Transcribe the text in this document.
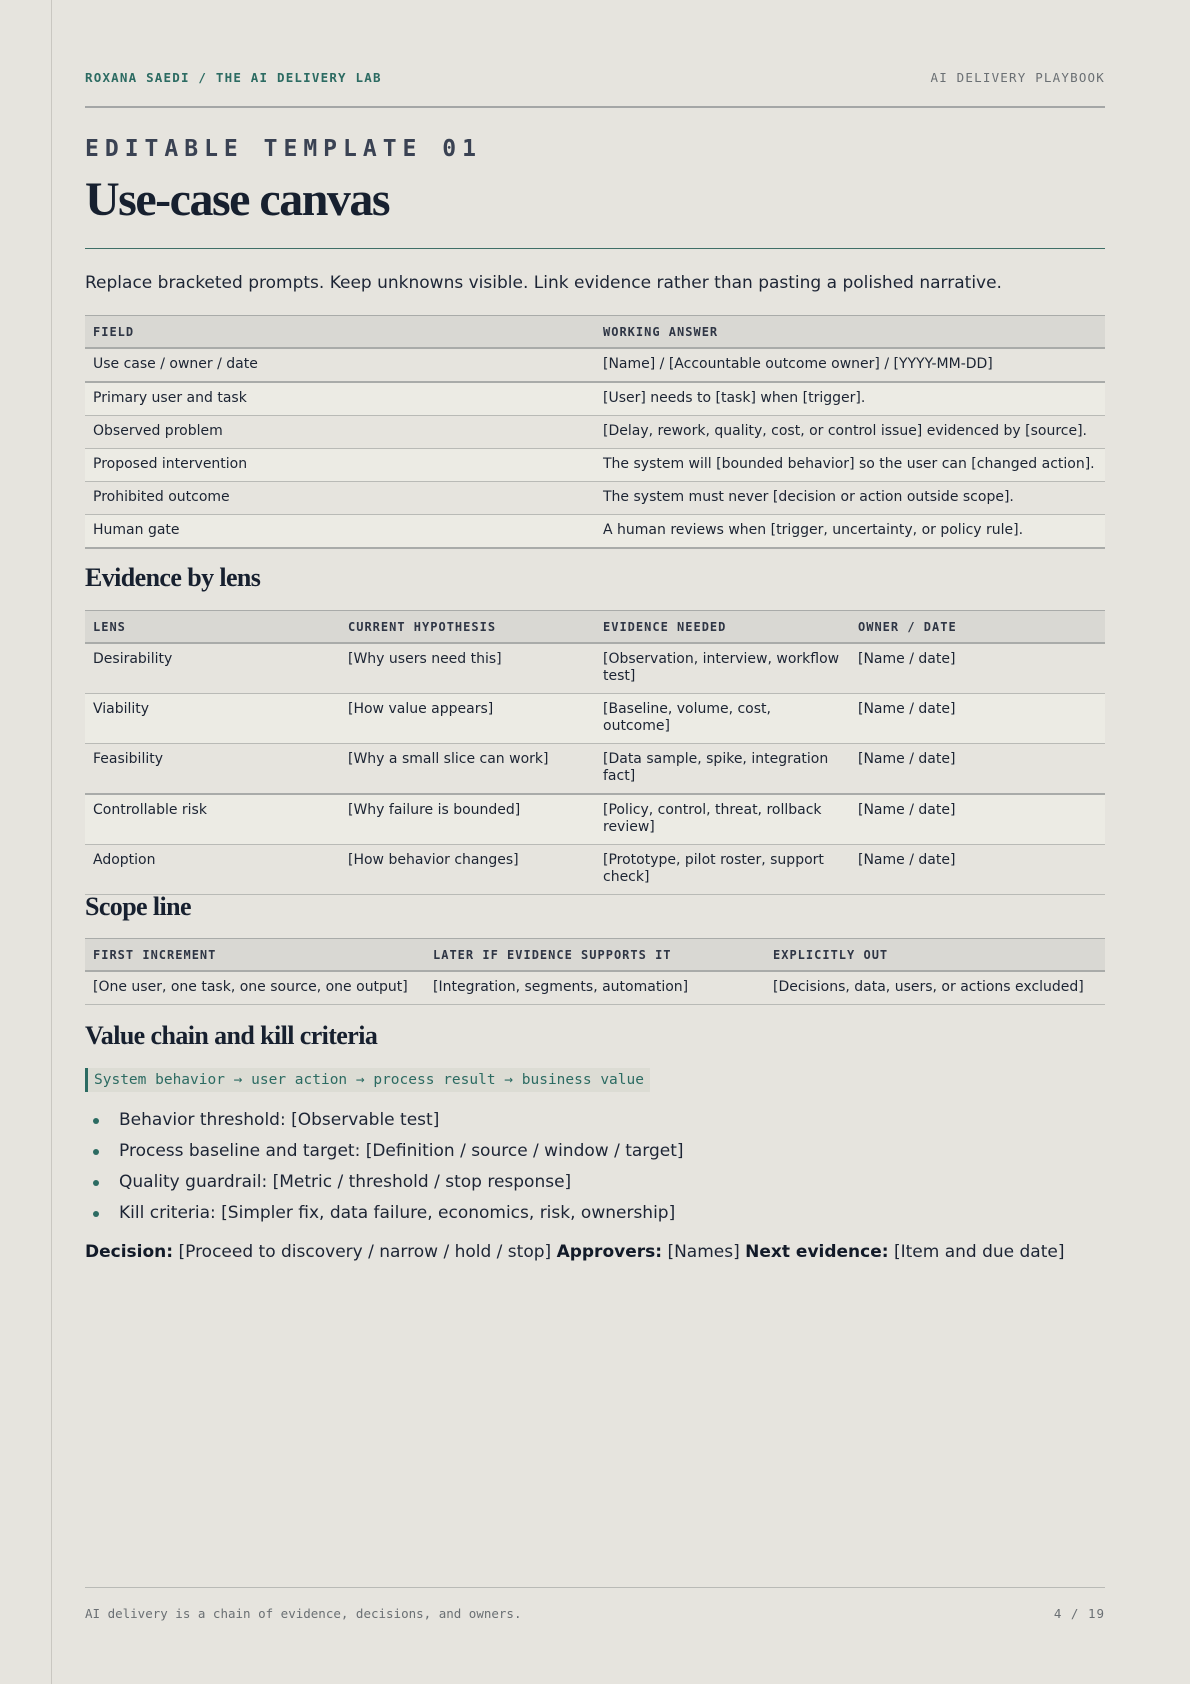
ROXANA SAEDI / THE AI DELIVERY LAB	AI DELIVERY PLAYBOOK
EDITABLE TEMPLATE 01
Use-case canvas
Replace bracketed prompts. Keep unknowns visible. Link evidence rather than pasting a polished narrative.
FIELD	WORKING ANSWER
Use case / owner / date	[Name] / [Accountable outcome owner] / [YYYY-MM-DD]
Primary user and task	[User] needs to [task] when [trigger].
Observed problem	[Delay, rework, quality, cost, or control issue] evidenced by [source].
Proposed intervention	The system will [bounded behavior] so the user can [changed action].
Prohibited outcome	The system must never [decision or action outside scope].
Human gate	A human reviews when [trigger, uncertainty, or policy rule].
Evidence by lens
LENS	CURRENT HYPOTHESIS	EVIDENCE NEEDED	OWNER / DATE
Desirability	[Why users need this]	[Observation, interview, workflow test]	[Name / date]
Viability	[How value appears]	[Baseline, volume, cost, outcome]	[Name / date]
Feasibility	[Why a small slice can work]	[Data sample, spike, integration fact]	[Name / date]
Controllable risk	[Why failure is bounded]	[Policy, control, threat, rollback review]	[Name / date]
Adoption	[How behavior changes]	[Prototype, pilot roster, support check]	[Name / date]
Scope line
FIRST INCREMENT	LATER IF EVIDENCE SUPPORTS IT	EXPLICITLY OUT
[One user, one task, one source, one output]	[Integration, segments, automation]	[Decisions, data, users, or actions excluded]
Value chain and kill criteria
System behavior → user action → process result → business value
Behavior threshold: [Observable test]
Process baseline and target: [Definition / source / window / target]
Quality guardrail: [Metric / threshold / stop response]
Kill criteria: [Simpler fix, data failure, economics, risk, ownership]
Decision: [Proceed to discovery / narrow / hold / stop] Approvers: [Names] Next evidence: [Item and due date]
AI delivery is a chain of evidence, decisions, and owners.	4 / 19
